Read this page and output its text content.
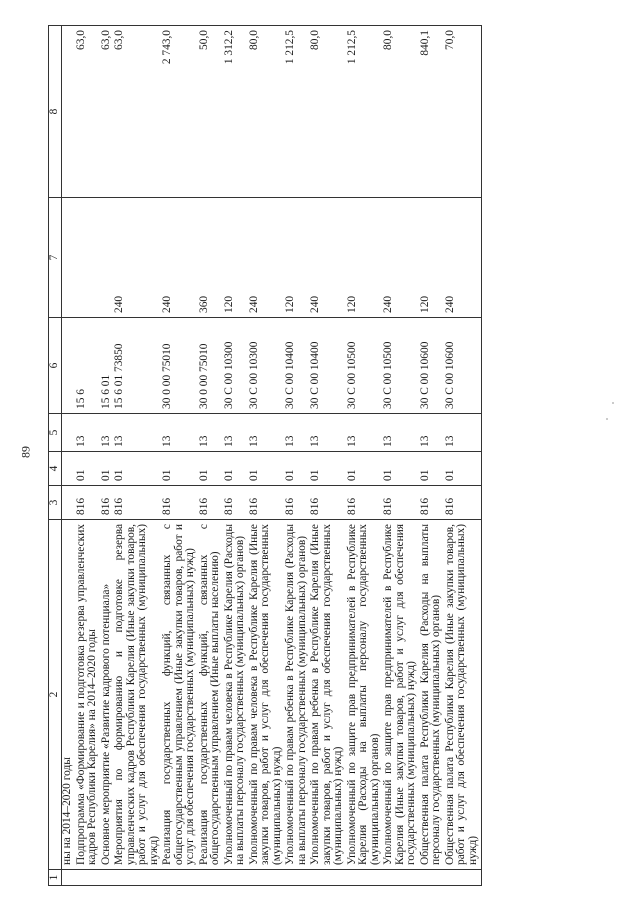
89
1	2	3	4	5	6	7	8
	ны на 2014–2020 годы						
	Подпрограмма «Формирование и подготовка резерва управленческих кадров Республики Карелия» на 2014–2020 годы	816	01	13	15 6		63,0
	Основное мероприятие «Развитие кадрового потенциала»	816	01	13	15 6 01		63,0
	Мероприятия по формированию и подготовке резерва управленческих кадров Республики Карелия (Иные закупки товаров, работ и услуг для обеспечения государственных (муниципальных) нужд)	816	01	13	15 6 01 73850	240	63,0
	Реализация государственных функций, связанных с общегосударственным управлением (Иные закупки товаров, работ и услуг для обеспечения государственных (муниципальных) нужд)	816	01	13	30 0 00 75010	240	2 743,0
	Реализация государственных функций, связанных с общегосударственным управлением (Иные выплаты населению)	816	01	13	30 0 00 75010	360	50,0
	Уполномоченный по правам человека в Республике Карелия (Расходы на выплаты персоналу государственных (муниципальных) органов)	816	01	13	30 С 00 10300	120	1 312,2
	Уполномоченный по правам человека в Республике Карелия (Иные закупки товаров, работ и услуг для обеспечения государственных (муниципальных) нужд)	816	01	13	30 С 00 10300	240	80,0
	Уполномоченный по правам ребенка в Республике Карелия (Расходы на выплаты персоналу государственных (муниципальных) органов)	816	01	13	30 С 00 10400	120	1 212,5
	Уполномоченный по правам ребенка в Республике Карелия (Иные закупки товаров, работ и услуг для обеспечения государственных (муниципальных) нужд)	816	01	13	30 С 00 10400	240	80,0
	Уполномоченный по защите прав предпринимателей в Республике Карелия (Расходы на выплаты персоналу государственных (муниципальных) органов)	816	01	13	30 С 00 10500	120	1 212,5
	Уполномоченный по защите прав предпринимателей в Республике Карелия (Иные закупки товаров, работ и услуг для обеспечения государственных (муниципальных) нужд)	816	01	13	30 С 00 10500	240	80,0
	Общественная палата Республики Карелия (Расходы на выплаты персоналу государственных (муниципальных) органов)	816	01	13	30 С 00 10600	120	840,1
	Общественная палата Республики Карелия (Иные закупки товаров, работ и услуг для обеспечения государственных (муниципальных) нужд)	816	01	13	30 С 00 10600	240	70,0
